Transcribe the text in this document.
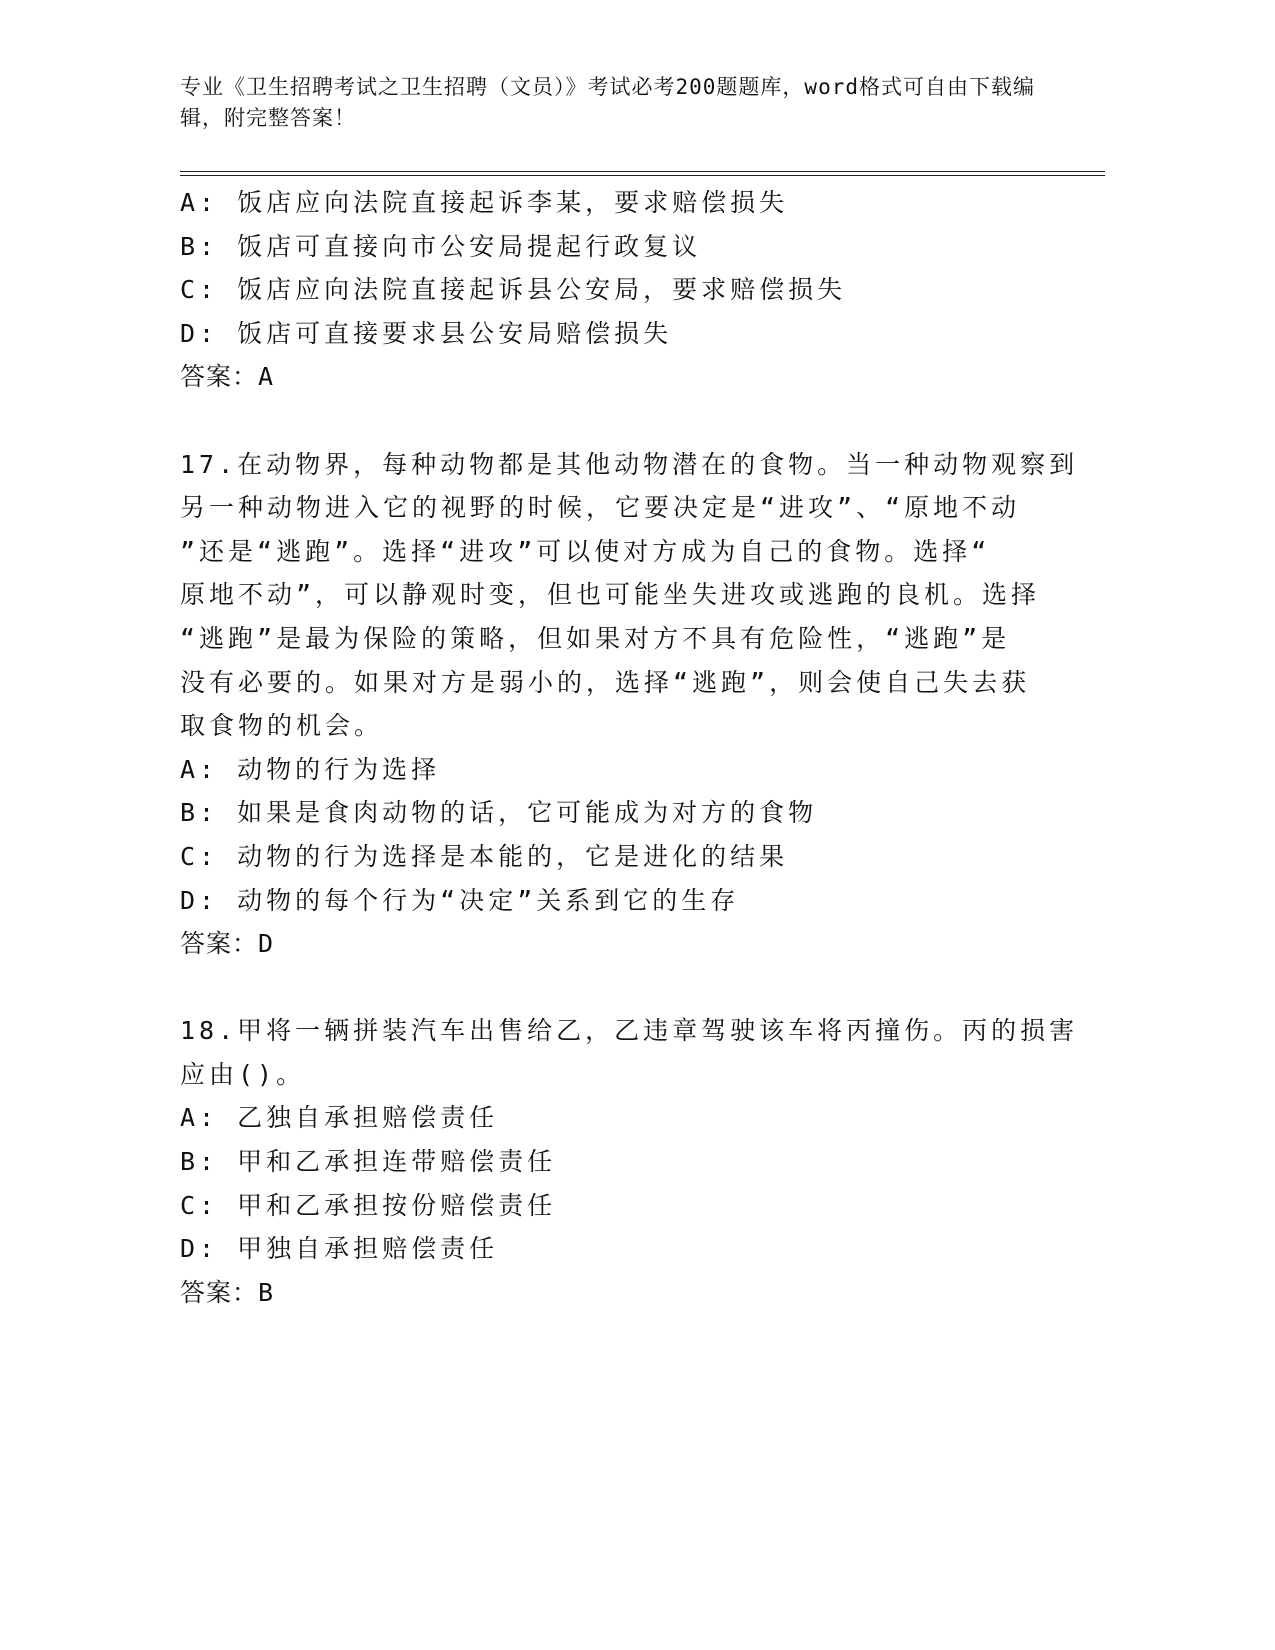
专业《卫生招聘考试之卫生招聘（文员）》考试必考200题题库，word格式可自由下载编辑，附完整答案！
A: 饭店应向法院直接起诉李某，要求赔偿损失
B: 饭店可直接向市公安局提起行政复议
C: 饭店应向法院直接起诉县公安局，要求赔偿损失
D: 饭店可直接要求县公安局赔偿损失
答案：A
17.在动物界，每种动物都是其他动物潜在的食物。当一种动物观察到
另一种动物进入它的视野的时候，它要决定是“进攻”、“原地不动
”还是“逃跑”。选择“进攻”可以使对方成为自己的食物。选择“
原地不动”，可以静观时变，但也可能坐失进攻或逃跑的良机。选择
“逃跑”是最为保险的策略，但如果对方不具有危险性，“逃跑”是
没有必要的。如果对方是弱小的，选择“逃跑”，则会使自己失去获
取食物的机会。
A: 动物的行为选择
B: 如果是食肉动物的话，它可能成为对方的食物
C: 动物的行为选择是本能的，它是进化的结果
D: 动物的每个行为“决定”关系到它的生存
答案：D
18.甲将一辆拼装汽车出售给乙，乙违章驾驶该车将丙撞伤。丙的损害
应由()。
A: 乙独自承担赔偿责任
B: 甲和乙承担连带赔偿责任
C: 甲和乙承担按份赔偿责任
D: 甲独自承担赔偿责任
答案：B
